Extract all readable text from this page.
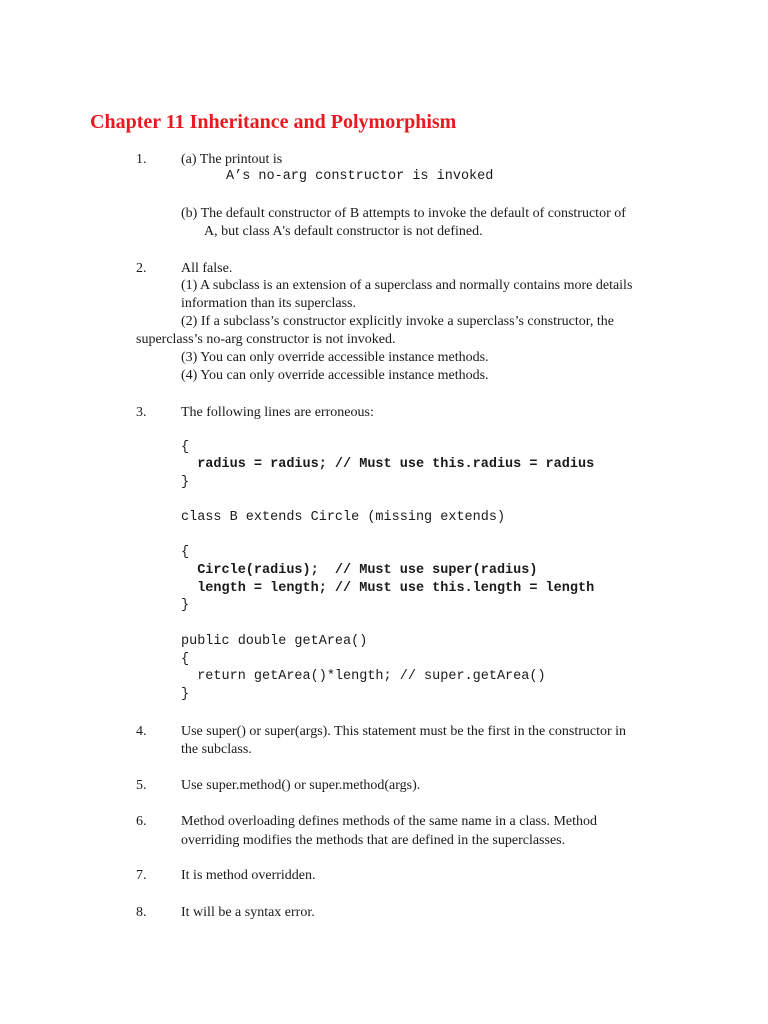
Chapter 11 Inheritance and Polymorphism
1. (a) The printout is
A’s no-arg constructor is invoked
(b) The default constructor of B attempts to invoke the default of constructor of
A, but class A's default constructor is not defined.
2. All false.
(1) A subclass is an extension of a superclass and normally contains more details
information than its superclass.
(2) If a subclass’s constructor explicitly invoke a superclass’s constructor, the
superclass’s no-arg constructor is not invoked.
(3) You can only override accessible instance methods.
(4) You can only override accessible instance methods.
3. The following lines are erroneous:
{
radius = radius; // Must use this.radius = radius
}
class B extends Circle (missing extends)
{
Circle(radius);  // Must use super(radius)
length = length; // Must use this.length = length
}
public double getArea()
{
return getArea()*length; // super.getArea()
}
4. Use super() or super(args). This statement must be the first in the constructor in
the subclass.
5. Use super.method() or super.method(args).
6. Method overloading defines methods of the same name in a class. Method
overriding modifies the methods that are defined in the superclasses.
7. It is method overridden.
8. It will be a syntax error.
